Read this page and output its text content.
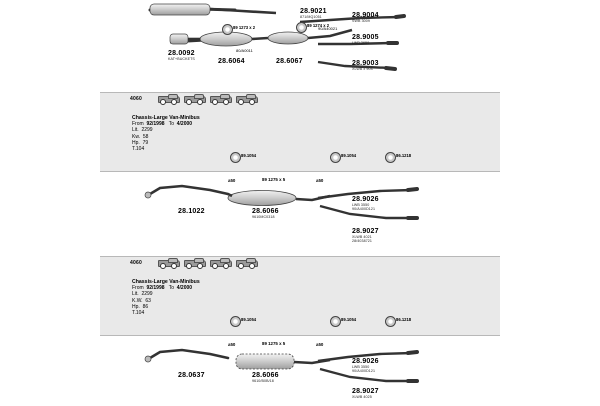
89 1273 x 2	89 1274 x 2
28.0092
KAT+BUCKETS	28.6064	28.6067
28.9021
871/MQ1051	28.9004
SWB 3009
28.9005
LWB 3659
28.9003
XLWB x 903
80/A0011
90/A40021
4060
Chassis-Large Van-Minibus
From  92/1998   To  4/2000
Lit. 2299
Kw. 58
Hp. 79
T.104
89.1054	89.1054	86.1218
a50	89 1275 x 5	a50
28.1022	28.6066
9610MC0318
28.9026
LWB 3550
90/A400D121
28.9027
XLWB 4021
28/4038721
4060
Chassis-Large Van-Minibus
From  92/1998   To  4/2000
Lit. 2299
K.W. 63
Hp. 86
T.104
89.1054	89.1054	86.1218
a50	89 1275 x 5	a50
28.0637	28.6066
9610/B0B/18
28.9026
LWB 3550
90/A400D121
28.9027
XLWB 4025
